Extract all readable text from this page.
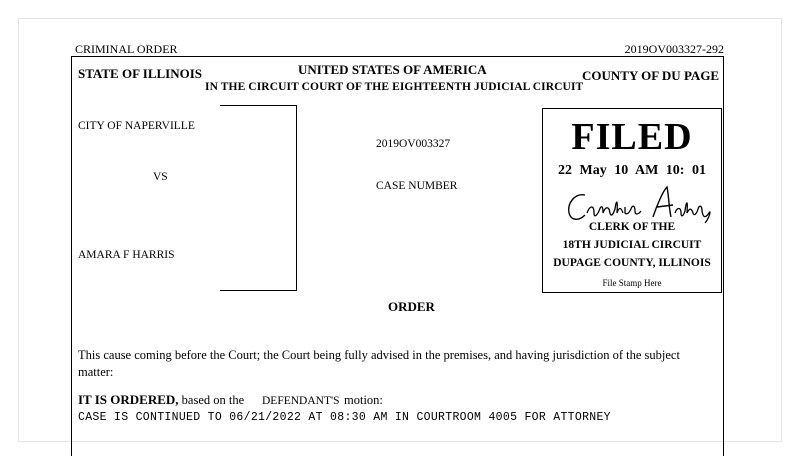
CRIMINAL ORDER	2019OV003327-292
STATE OF ILLINOIS	UNITED STATES OF AMERICA	COUNTY OF DU PAGE
IN THE CIRCUIT COURT OF THE EIGHTEENTH JUDICIAL CIRCUIT
CITY OF NAPERVILLE
VS
AMARA F HARRIS
2019OV003327
CASE NUMBER
FILED
22 May 10 AM 10: 01
CLERK OF THE
18TH JUDICIAL CIRCUIT
DUPAGE COUNTY, ILLINOIS
File Stamp Here
ORDER
This cause coming before the Court; the Court being fully advised in the premises, and having jurisdiction of the subject matter:
IT IS ORDERED, based on the DEFENDANT'S motion:
CASE IS CONTINUED TO 06/21/2022 AT 08:30 AM IN COURTROOM 4005 FOR ATTORNEY
